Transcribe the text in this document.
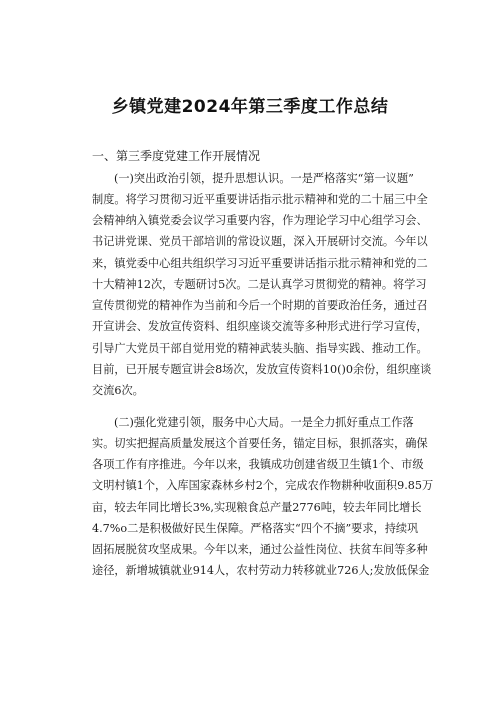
乡镇党建2024年第三季度工作总结
一、第三季度党建工作开展情况
(一)突出政治引领，提升思想认识。一是严格落实“第一议题”
制度。将学习贯彻习近平重要讲话指示批示精神和党的二十届三中全
会精神纳入镇党委会议学习重要内容，作为理论学习中心组学习会、
书记讲党课、党员干部培训的常设议题，深入开展研讨交流。今年以
来，镇党委中心组共组织学习习近平重要讲话指示批示精神和党的二
十大精神12次，专题研讨5次。二是认真学习贯彻党的精神。将学习
宣传贯彻党的精神作为当前和今后一个时期的首要政治任务，通过召
开宣讲会、发放宣传资料、组织座谈交流等多种形式进行学习宣传，
引导广大党员干部自觉用党的精神武装头脑、指导实践、推动工作。
目前，已开展专题宣讲会8场次，发放宣传资料10()0余份，组织座谈
交流6次。
(二)强化党建引领，服务中心大局。一是全力抓好重点工作落
实。切实把握高质量发展这个首要任务，锚定目标，狠抓落实，确保
各项工作有序推进。今年以来，我镇成功创建省级卫生镇1个、市级
文明村镇1个，入库国家森林乡村2个，完成农作物耕种收面积9.85万
亩，较去年同比增长3%,实现粮食总产量2776吨，较去年同比增长
4.7%o二是积极做好民生保障。严格落实“四个不摘”要求，持续巩
固拓展脱贫攻坚成果。今年以来，通过公益性岗位、扶贫车间等多种
途径，新增城镇就业914人，农村劳动力转移就业726人;发放低保金
